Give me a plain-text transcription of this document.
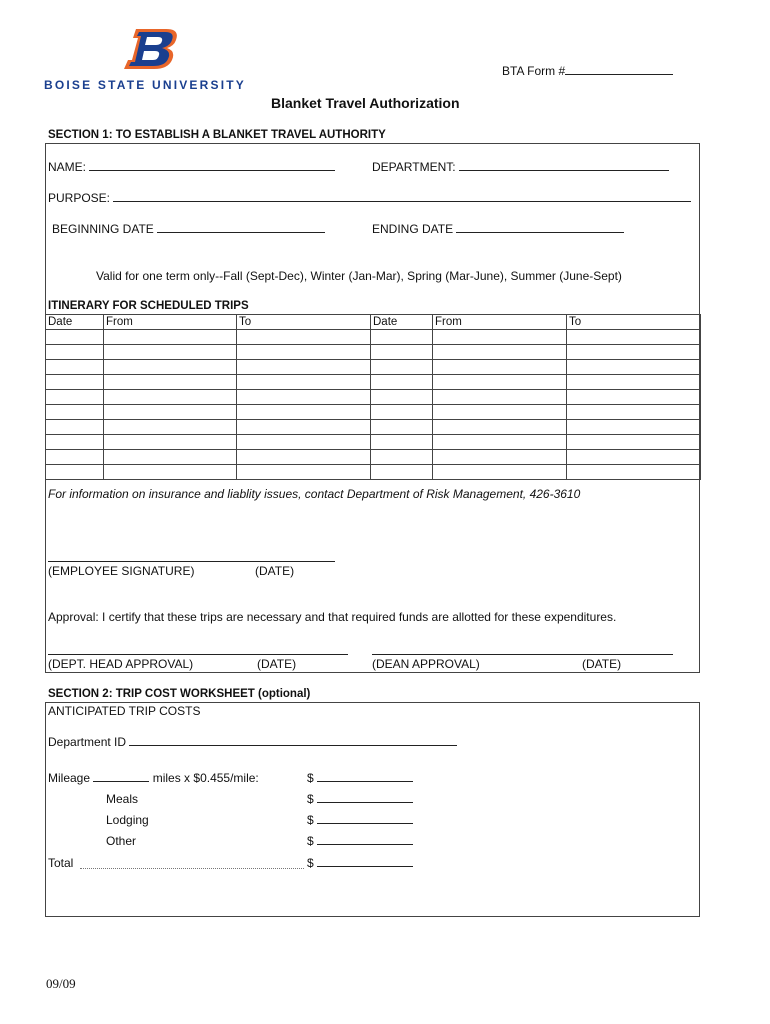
BOISE STATE UNIVERSITY
BTA Form #
Blanket Travel Authorization
SECTION 1: TO ESTABLISH A BLANKET TRAVEL AUTHORITY
NAME:	DEPARTMENT:
PURPOSE:
BEGINNING DATE	ENDING DATE
Valid for one term only--Fall (Sept-Dec), Winter (Jan-Mar), Spring (Mar-June), Summer (June-Sept)
ITINERARY FOR SCHEDULED TRIPS
Date	From	To	Date	From	To

For information on insurance and liablity issues, contact Department of Risk Management, 426-3610
(EMPLOYEE SIGNATURE)	(DATE)
Approval: I certify that these trips are necessary and that required funds are allotted for these expenditures.
(DEPT. HEAD APPROVAL)	(DATE)	(DEAN APPROVAL)	(DATE)
SECTION 2: TRIP COST WORKSHEET (optional)
ANTICIPATED TRIP COSTS
Department ID
Mileage	miles x $0.455/mile:	$
Meals	$
Lodging	$
Other	$
Total	$
09/09
